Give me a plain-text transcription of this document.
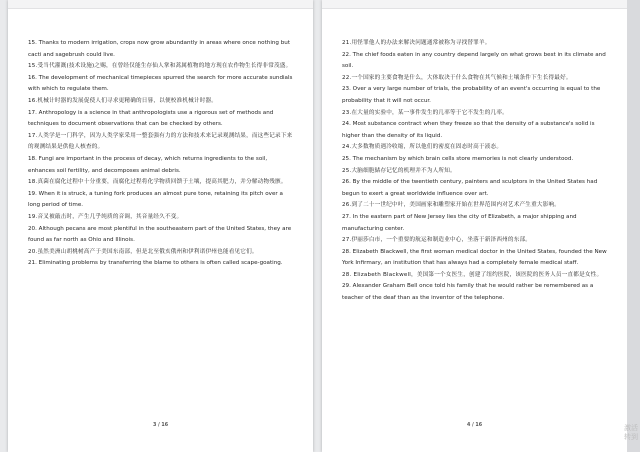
15. Thanks to modern irrigation, crops now grow abundantly in areas where once nothing but cacti and sagebrush could live.

15.受当代灌溉(技术设施)之赐，在曾经仅能生存仙人掌和蒿属植物的地方现在农作物生长得非常茂盛。

16. The development of mechanical timepieces spurred the search for more accurate sundials with which to regulate them.

16.机械计时器的发展促使人们寻求更精确的日晷，以便校准机械计时器。

17. Anthropology is a science in that anthropologists use a rigorous set of methods and techniques to document observations that can be checked by others.

17.人类学是一门科学，因为人类学家采用一整套强有力的方法和技术来记录观测结果，而这些记录下来的观测结果是供他人核查的。

18. Fungi are important in the process of decay, which returns ingredients to the soil, enhances soil fertility, and decomposes animal debris.

18.真菌在腐化过程中十分重要，而腐化过程将化学物质回馈于土壤，提高其肥力，并分解动物残骸。

19. When it is struck, a tuning fork produces an almost pure tone, retaining its pitch over a long period of time.

19.音叉被敲击时，产生几乎纯质的音调，其音量经久不变。

20. Although pecans are most plentiful in the southeastern part of the United States, they are found as far north as Ohio and Illinois.

20.虽然美洲山胡桃树高产于美国东南部，但是北至俄亥俄州和伊利诺伊州也能看见它们。

21. Eliminating problems by transferring the blame to others is often called scape-goating.

3 / 16

21.用怪罪他人的办法来解决问题通常被称为寻找替罪羊。

22. The chief foods eaten in any country depend largely on what grows best in its climate and soil.

22.一个国家的主要食物是什么，大体取决于什么食物在其气候和土壤条件下生长得最好。

23. Over a very large number of trials, the probability of an event's occurring is equal to the probability that it will not occur.

23.在大量的实验中，某一事件发生的几率等于它不发生的几率。

24. Most substance contract when they freeze so that the density of a substance's solid is higher than the density of its liquid.

24.大多数物质遇冷收缩，所以他们的密度在固态时高于液态。

25. The mechanism by which brain cells store memories is not clearly understood.

25.大脑细胞储存记忆的机理并不为人所知。

26. By the middle of the twentieth century, painters and sculptors in the United States had begun to exert a great worldwide influence over art.

26.到了二十一世纪中叶，美国画家和雕塑家开始在世界范围内对艺术产生重大影响。

27. In the eastern part of New Jersey lies the city of Elizabeth, a major shipping and manufacturing center.

27.伊丽莎白市，一个重要的航运和制造业中心，坐落于新泽西州的东部。

28. Elizabeth Blackwell, the first woman medical doctor in the United States, founded the New York Infirmary, an institution that has always had a completely female medical staff.

28. Elizabeth Blackwell，美国第一个女医生，创建了纽约医院，该医院的医务人员一直都是女性。

29. Alexander Graham Bell once told his family that he would rather be remembered as a teacher of the deaf than as the inventor of the telephone.

4 / 16	激活
转到
